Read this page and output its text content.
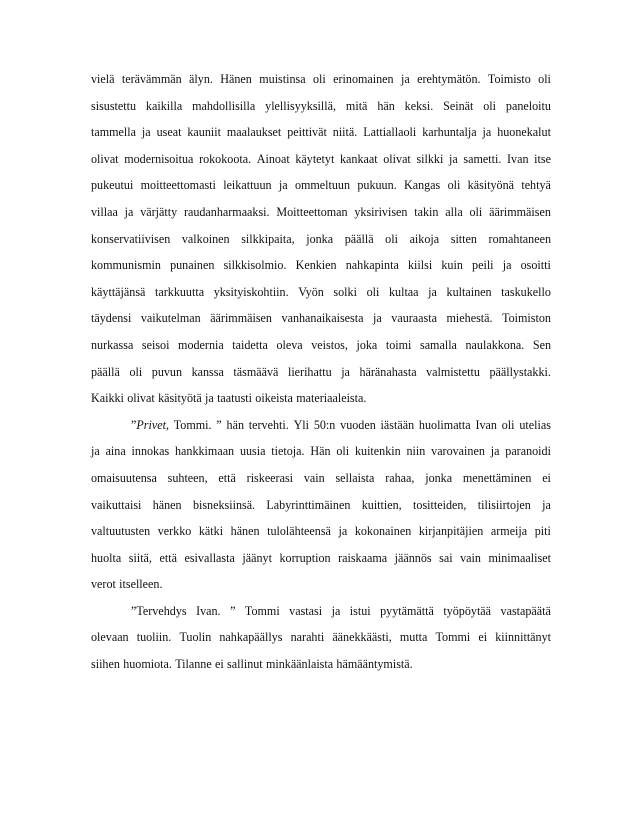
vielä terävämmän älyn. Hänen muistinsa oli erinomainen ja erehtymätön. Toimisto oli
sisustettu kaikilla mahdollisilla ylellisyyksillä, mitä hän keksi. Seinät oli paneloitu
tammella ja useat kauniit maalaukset peittivät niitä. Lattiallaoli karhuntalja ja huonekalut
olivat modernisoitua rokokoota. Ainoat käytetyt kankaat olivat silkki ja sametti. Ivan itse
pukeutui moitteettomasti leikattuun ja ommeltuun pukuun. Kangas oli käsityönä tehtyä
villaa ja värjätty raudanharmaaksi. Moitteettoman yksirivisen takin alla oli äärimmäisen
konservatiivisen valkoinen silkkipaita, jonka päällä oli aikoja sitten romahtaneen
kommunismin punainen silkkisolmio. Kenkien nahkapinta kiilsi kuin peili ja osoitti
käyttäjänsä tarkkuutta yksityiskohtiin. Vyön solki oli kultaa ja kultainen taskukello
täydensi vaikutelman äärimmäisen vanhanaikaisesta ja vauraasta miehestä. Toimiston
nurkassa seisoi modernia taidetta oleva veistos, joka toimi samalla naulakkona. Sen
päällä oli puvun kanssa täsmäävä lierihattu ja häränahasta valmistettu päällystakki.
Kaikki olivat käsityötä ja taatusti oikeista materiaaleista.
”Privet, Tommi. ” hän tervehti. Yli 50:n vuoden iästään huolimatta Ivan oli utelias
ja aina innokas hankkimaan uusia tietoja. Hän oli kuitenkin niin varovainen ja paranoidi
omaisuutensa suhteen, että riskeerasi vain sellaista rahaa, jonka menettäminen ei
vaikuttaisi hänen bisneksiinsä. Labyrinttimäinen kuittien, tositteiden, tilisiirtojen ja
valtuutusten verkko kätki hänen tulolähteensä ja kokonainen kirjanpitäjien armeija piti
huolta siitä, että esivallasta jäänyt korruption raiskaama jäännös sai vain minimaaliset
verot itselleen.
”Tervehdys Ivan. ” Tommi vastasi ja istui pyytämättä työpöytää vastapäätä
olevaan tuoliin. Tuolin nahkapäällys narahti äänekkäästi, mutta Tommi ei kiinnittänyt
siihen huomiota. Tilanne ei sallinut minkäänlaista hämääntymistä.
